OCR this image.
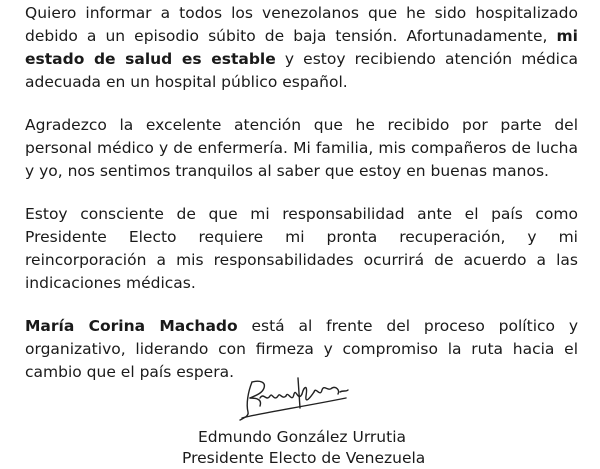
Quiero informar a todos los venezolanos que he sido hospitalizado debido a un episodio súbito de baja tensión. Afortunadamente, mi estado de salud es estable y estoy recibiendo atención médica adecuada en un hospital público español.

Agradezco la excelente atención que he recibido por parte del personal médico y de enfermería. Mi familia, mis compañeros de lucha y yo, nos sentimos tranquilos al saber que estoy en buenas manos.

Estoy consciente de que mi responsabilidad ante el país como Presidente Electo requiere mi pronta recuperación, y mi reincorporación a mis responsabilidades ocurrirá de acuerdo a las indicaciones médicas.

María Corina Machado está al frente del proceso político y organizativo, liderando con firmeza y compromiso la ruta hacia el cambio que el país espera.

Edmundo González Urrutia
Presidente Electo de Venezuela
